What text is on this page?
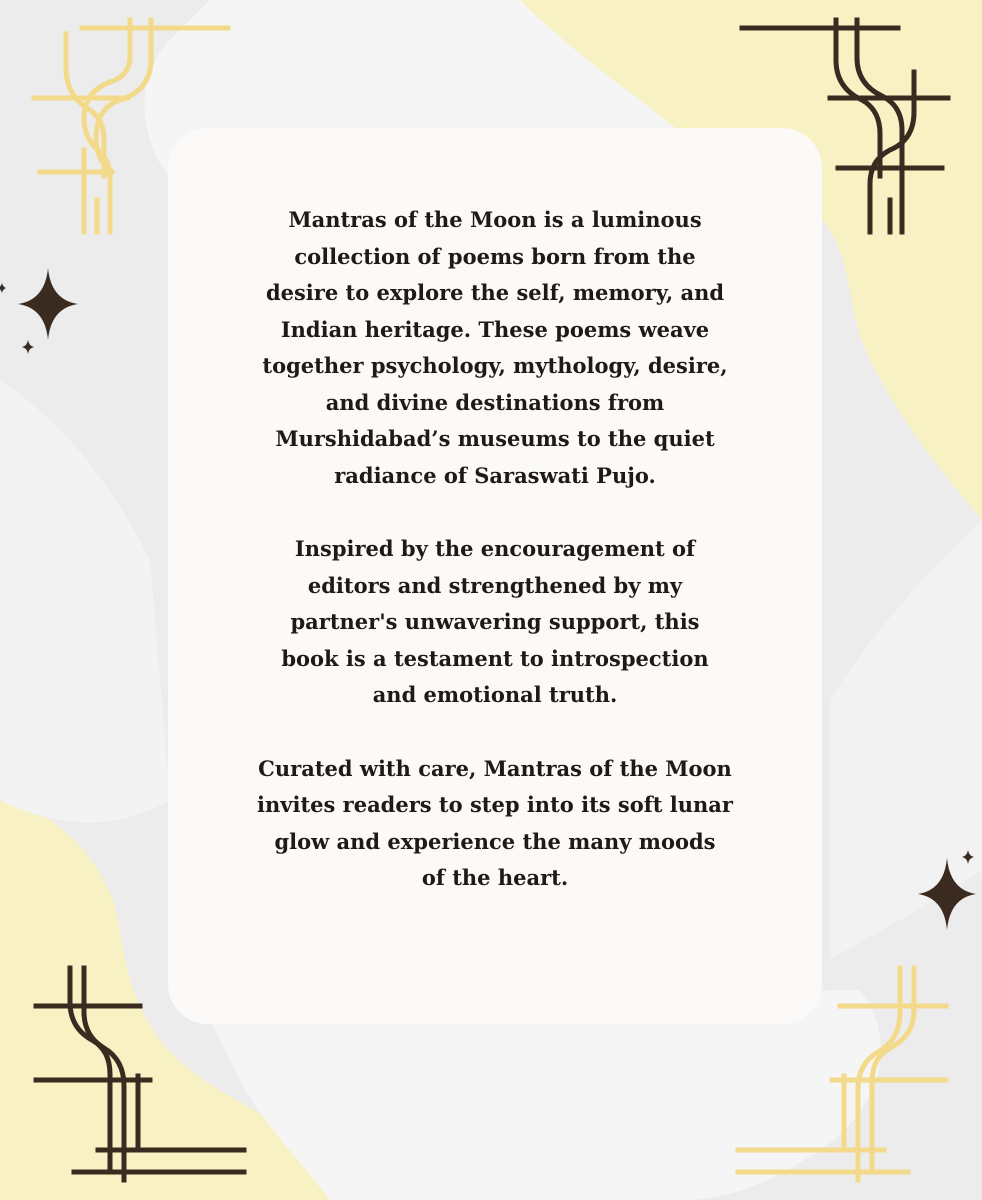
Mantras of the Moon is a luminous
collection of poems born from the
desire to explore the self, memory, and
Indian heritage. These poems weave
together psychology, mythology, desire,
and divine destinations from
Murshidabad’s museums to the quiet
radiance of Saraswati Pujo.

Inspired by the encouragement of
editors and strengthened by my
partner's unwavering support, this
book is a testament to introspection
and emotional truth.

Curated with care, Mantras of the Moon
invites readers to step into its soft lunar
glow and experience the many moods
of the heart.
